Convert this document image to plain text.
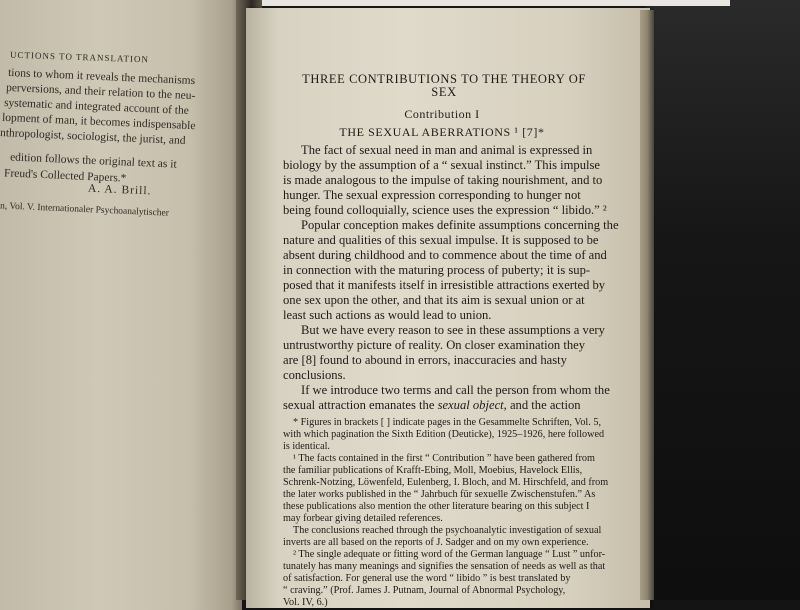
UCTIONS TO TRANSLATION
tions to whom it reveals the mechanisms
perversions, and their relation to the neu-
systematic and integrated account of the
lopment of man, it becomes indispensable
nthropologist, sociologist, the jurist, and
edition follows the original text as it
Freud's Collected Papers.*
A. A. Brill.
n, Vol. V. Internationaler Psychoanalytischer
THREE CONTRIBUTIONS TO THE THEORY OF
SEX
Contribution I
THE SEXUAL ABERRATIONS ¹ [7]*
The fact of sexual need in man and animal is expressed in
biology by the assumption of a “ sexual instinct.” This impulse
is made analogous to the impulse of taking nourishment, and to
hunger. The sexual expression corresponding to hunger not
being found colloquially, science uses the expression “ libido.” ²
Popular conception makes definite assumptions concerning the
nature and qualities of this sexual impulse. It is supposed to be
absent during childhood and to commence about the time of and
in connection with the maturing process of puberty; it is sup-
posed that it manifests itself in irresistible attractions exerted by
one sex upon the other, and that its aim is sexual union or at
least such actions as would lead to union.
But we have every reason to see in these assumptions a very
untrustworthy picture of reality. On closer examination they
are [8] found to abound in errors, inaccuracies and hasty
conclusions.
If we introduce two terms and call the person from whom the
sexual attraction emanates the sexual object, and the action
* Figures in brackets [ ] indicate pages in the Gesammelte Schriften, Vol. 5,
with which pagination the Sixth Edition (Deuticke), 1925–1926, here followed
is identical.
¹ The facts contained in the first “ Contribution ” have been gathered from
the familiar publications of Krafft-Ebing, Moll, Moebius, Havelock Ellis,
Schrenk-Notzing, Löwenfeld, Eulenberg, I. Bloch, and M. Hirschfeld, and from
the later works published in the “ Jahrbuch für sexuelle Zwischenstufen.” As
these publications also mention the other literature bearing on this subject I
may forbear giving detailed references.
The conclusions reached through the psychoanalytic investigation of sexual
inverts are all based on the reports of J. Sadger and on my own experience.
² The single adequate or fitting word of the German language “ Lust ” unfor-
tunately has many meanings and signifies the sensation of needs as well as that
of satisfaction. For general use the word “ libido ” is best translated by
“ craving.” (Prof. James J. Putnam, Journal of Abnormal Psychology,
Vol. IV, 6.)
